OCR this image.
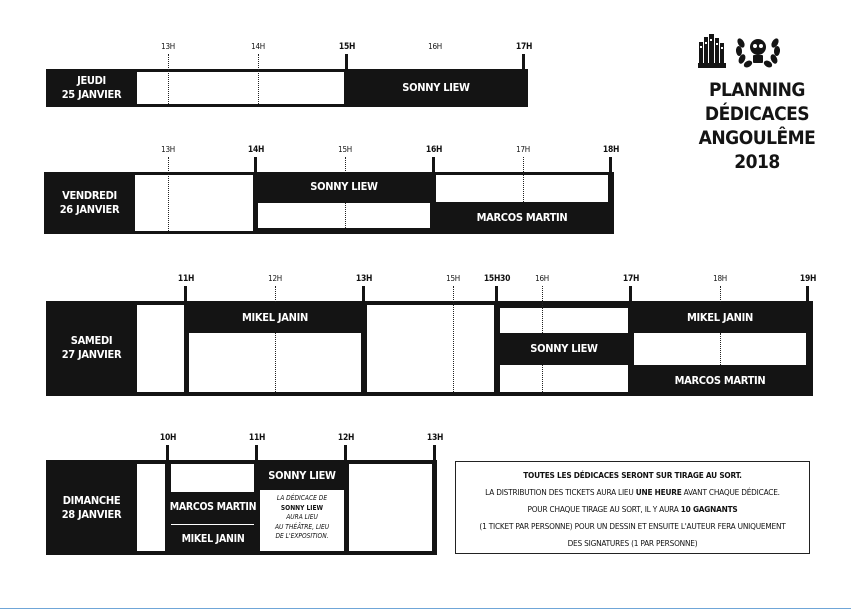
13H	14H	15H	16H	17H
JEUDI
25 JANVIER
SONNY LIEW
13H	14H	15H	16H	17H	18H
VENDREDI
26 JANVIER
SONNY LIEW
MARCOS MARTIN
11H	12H	13H	15H	15H30	16H	17H	18H	19H
SAMEDI
27 JANVIER
MIKEL JANIN
SONNY LIEW
MIKEL JANIN
MARCOS MARTIN
10H	11H	12H	13H
DIMANCHE
28 JANVIER
MARCOS MARTIN
MIKEL JANIN
SONNY LIEW
LA DÉDICACE DE
SONNY LIEW
AURA LIEU
AU THÉÂTRE, LIEU
DE L'EXPOSITION.
PLANNING
DÉDICACES
ANGOULÊME
2018
TOUTES LES DÉDICACES SERONT SUR TIRAGE AU SORT.
LA DISTRIBUTION DES TICKETS AURA LIEU UNE HEURE AVANT CHAQUE DÉDICACE.
POUR CHAQUE TIRAGE AU SORT, IL Y AURA 10 GAGNANTS
(1 TICKET PAR PERSONNE) POUR UN DESSIN ET ENSUITE L'AUTEUR FERA UNIQUEMENT
DES SIGNATURES (1 PAR PERSONNE)
